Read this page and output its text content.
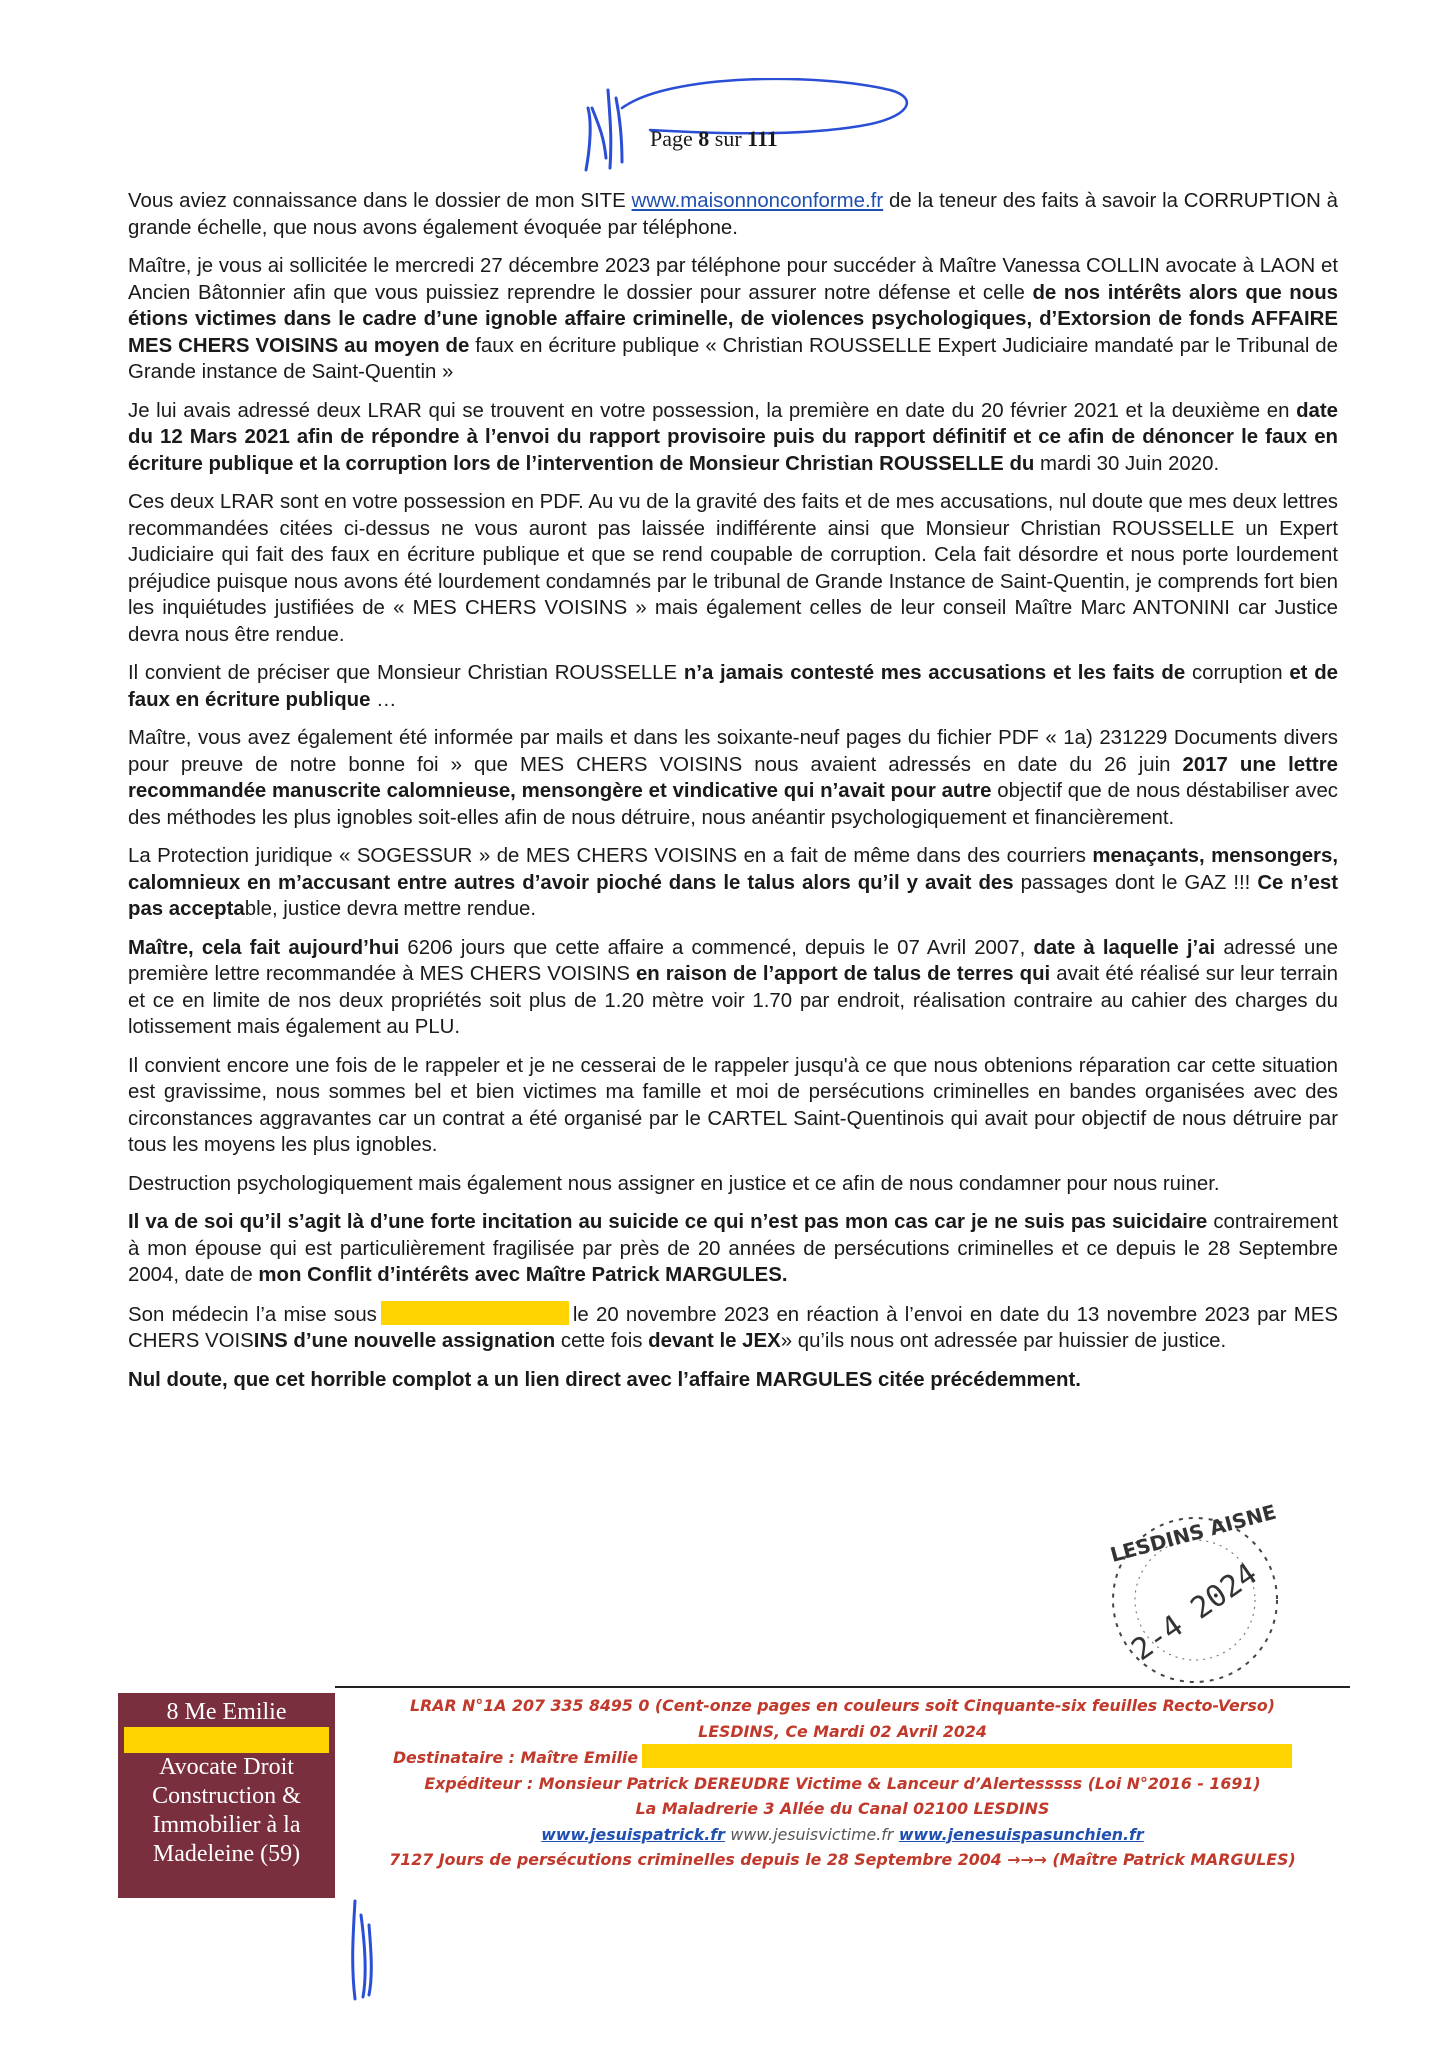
Page 8 sur 111

Vous aviez connaissance dans le dossier de mon SITE www.maisonnonconforme.fr de la teneur des faits à savoir la CORRUPTION à grande échelle, que nous avons également évoquée par téléphone.

Maître, je vous ai sollicitée le mercredi 27 décembre 2023 par téléphone pour succéder à Maître Vanessa COLLIN avocate à LAON et Ancien Bâtonnier afin que vous puissiez reprendre le dossier pour assurer notre défense et celle de nos intérêts alors que nous étions victimes dans le cadre d’une ignoble affaire criminelle, de violences psychologiques, d’Extorsion de fonds AFFAIRE MES CHERS VOISINS au moyen de faux en écriture publique « Christian ROUSSELLE Expert Judiciaire mandaté par le Tribunal de Grande instance de Saint-Quentin »

Je lui avais adressé deux LRAR qui se trouvent en votre possession, la première en date du 20 février 2021 et la deuxième en date du 12 Mars 2021 afin de répondre à l’envoi du rapport provisoire puis du rapport définitif et ce afin de dénoncer le faux en écriture publique et la corruption lors de l’intervention de Monsieur Christian ROUSSELLE du mardi 30 Juin 2020.

Ces deux LRAR sont en votre possession en PDF. Au vu de la gravité des faits et de mes accusations, nul doute que mes deux lettres recommandées citées ci-dessus ne vous auront pas laissée indifférente ainsi que Monsieur Christian ROUSSELLE un Expert Judiciaire qui fait des faux en écriture publique et que se rend coupable de corruption. Cela fait désordre et nous porte lourdement préjudice puisque nous avons été lourdement condamnés par le tribunal de Grande Instance de Saint-Quentin, je comprends fort bien les inquiétudes justifiées de « MES CHERS VOISINS » mais également celles de leur conseil Maître Marc ANTONINI car Justice devra nous être rendue.

Il convient de préciser que Monsieur Christian ROUSSELLE n’a jamais contesté mes accusations et les faits de corruption et de faux en écriture publique …

Maître, vous avez également été informée par mails et dans les soixante-neuf pages du fichier PDF « 1a) 231229 Documents divers pour preuve de notre bonne foi » que MES CHERS VOISINS nous avaient adressés en date du 26 juin 2017 une lettre recommandée manuscrite calomnieuse, mensongère et vindicative qui n’avait pour autre objectif que de nous déstabiliser avec des méthodes les plus ignobles soit-elles afin de nous détruire, nous anéantir psychologiquement et financièrement.

La Protection juridique « SOGESSUR » de MES CHERS VOISINS en a fait de même dans des courriers menaçants, mensongers, calomnieux en m’accusant entre autres d’avoir pioché dans le talus alors qu’il y avait des passages dont le GAZ !!! Ce n’est pas acceptable, justice devra mettre rendue.

Maître, cela fait aujourd’hui 6206 jours que cette affaire a commencé, depuis le 07 Avril 2007, date à laquelle j’ai adressé une première lettre recommandée à MES CHERS VOISINS en raison de l’apport de talus de terres qui avait été réalisé sur leur terrain et ce en limite de nos deux propriétés soit plus de 1.20 mètre voir 1.70 par endroit, réalisation contraire au cahier des charges du lotissement mais également au PLU.

Il convient encore une fois de le rappeler et je ne cesserai de le rappeler jusqu'à ce que nous obtenions réparation car cette situation est gravissime, nous sommes bel et bien victimes ma famille et moi de persécutions criminelles en bandes organisées avec des circonstances aggravantes car un contrat a été organisé par le CARTEL Saint-Quentinois qui avait pour objectif de nous détruire par tous les moyens les plus ignobles.

Destruction psychologiquement mais également nous assigner en justice et ce afin de nous condamner pour nous ruiner.

Il va de soi qu’il s’agit là d’une forte incitation au suicide ce qui n’est pas mon cas car je ne suis pas suicidaire contrairement à mon épouse qui est particulièrement fragilisée par près de 20 années de persécutions criminelles et ce depuis le 28 Septembre 2004, date de mon Conflit d’intérêts avec Maître Patrick MARGULES.

Son médecin l’a mise sous	le 20 novembre 2023 en réaction à l’envoi en date du 13 novembre 2023 par MES CHERS VOISINS d’une nouvelle assignation cette fois devant le JEX» qu’ils nous ont adressée par huissier de justice.

Nul doute, que cet horrible complot a un lien direct avec l’affaire MARGULES citée précédemment.

LESDINS AISNE
2-4 2024
8 Me Emilie
Avocate Droit
Construction &
Immobilier à la
Madeleine (59)
LRAR N°1A 207 335 8495 0 (Cent-onze pages en couleurs soit Cinquante-six feuilles Recto-Verso)
LESDINS, Ce Mardi 02 Avril 2024
Destinataire : Maître Emilie
Expéditeur : Monsieur Patrick DEREUDRE Victime & Lanceur d’Alertesssss (Loi N°2016 - 1691)
La Maladrerie 3 Allée du Canal 02100 LESDINS
www.jesuispatrick.fr www.jesuisvictime.fr www.jenesuispasunchien.fr
7127 Jours de persécutions criminelles depuis le 28 Septembre 2004 →→→ (Maître Patrick MARGULES)
